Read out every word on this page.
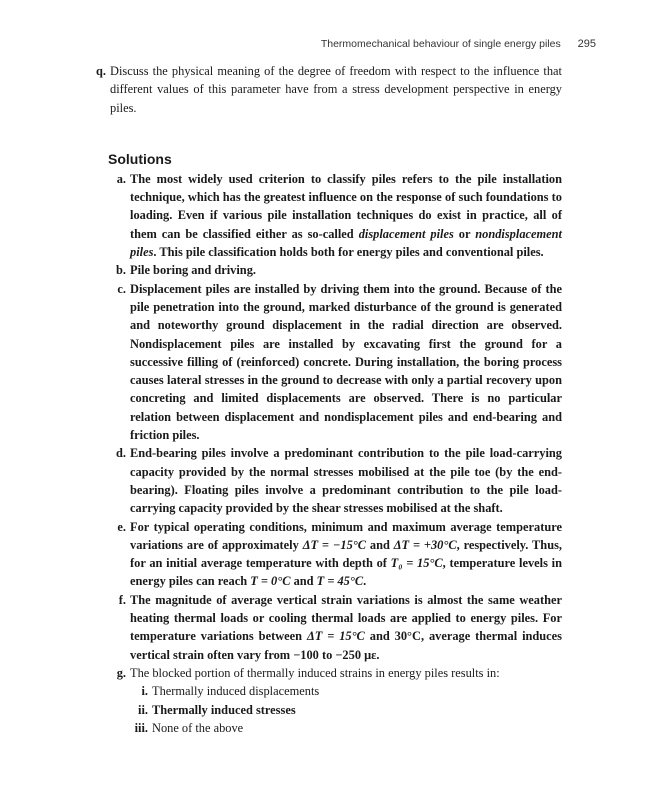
Thermomechanical behaviour of single energy piles 295
q. Discuss the physical meaning of the degree of freedom with respect to the influence that different values of this parameter have from a stress development perspective in energy piles.
Solutions
a. The most widely used criterion to classify piles refers to the pile installation technique, which has the greatest influence on the response of such foundations to loading. Even if various pile installation techniques do exist in practice, all of them can be classified either as so-called displacement piles or nondisplacement piles. This pile classification holds both for energy piles and conventional piles.
b. Pile boring and driving.
c. Displacement piles are installed by driving them into the ground. Because of the pile penetration into the ground, marked disturbance of the ground is generated and noteworthy ground displacement in the radial direction are observed. Nondisplacement piles are installed by excavating first the ground for a successive filling of (reinforced) concrete. During installation, the boring process causes lateral stresses in the ground to decrease with only a partial recovery upon concreting and limited displacements are observed. There is no particular relation between displacement and nondisplacement piles and end-bearing and friction piles.
d. End-bearing piles involve a predominant contribution to the pile load-carrying capacity provided by the normal stresses mobilised at the pile toe (by the end-bearing). Floating piles involve a predominant contribution to the pile load-carrying capacity provided by the shear stresses mobilised at the shaft.
e. For typical operating conditions, minimum and maximum average temperature variations are of approximately ΔT = −15°C and ΔT = +30°C, respectively. Thus, for an initial average temperature with depth of T₀ = 15°C, temperature levels in energy piles can reach T = 0°C and T = 45°C.
f. The magnitude of average vertical strain variations is almost the same weather heating thermal loads or cooling thermal loads are applied to energy piles. For temperature variations between ΔT = 15°C and 30°C, average thermal induces vertical strain often vary from −100 to −250 με.
g. The blocked portion of thermally induced strains in energy piles results in:
i. Thermally induced displacements
ii. Thermally induced stresses
iii. None of the above
